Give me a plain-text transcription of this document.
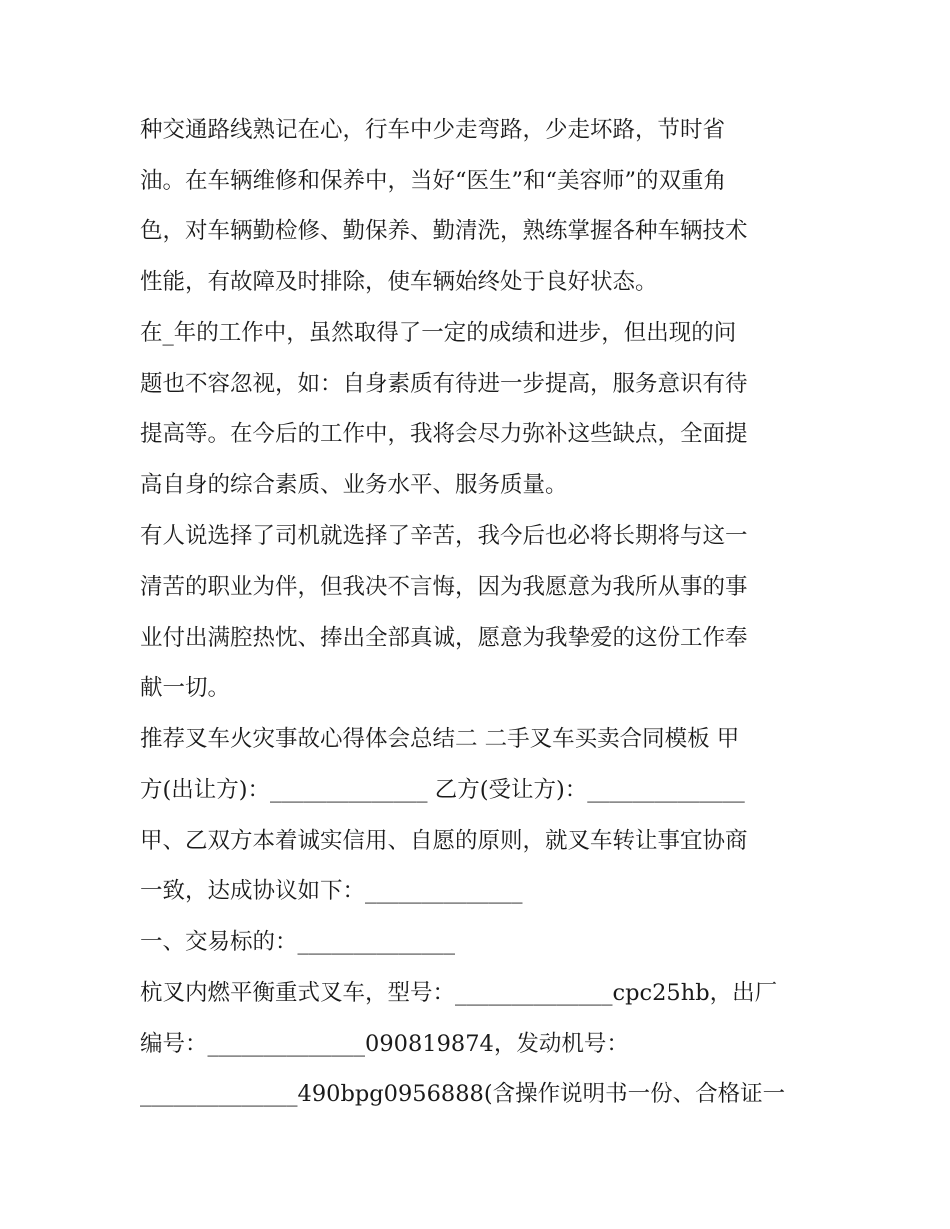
种交通路线熟记在心，行车中少走弯路，少走坏路，节时省
油。在车辆维修和保养中，当好“医生”和“美容师”的双重角
色，对车辆勤检修、勤保养、勤清洗，熟练掌握各种车辆技术
性能，有故障及时排除，使车辆始终处于良好状态。
在_年的工作中，虽然取得了一定的成绩和进步，但出现的问
题也不容忽视，如：自身素质有待进一步提高，服务意识有待
提高等。在今后的工作中，我将会尽力弥补这些缺点，全面提
高自身的综合素质、业务水平、服务质量。
有人说选择了司机就选择了辛苦，我今后也必将长期将与这一
清苦的职业为伴，但我决不言悔，因为我愿意为我所从事的事
业付出满腔热忱、捧出全部真诚，愿意为我挚爱的这份工作奉
献一切。
推荐叉车火灾事故心得体会总结二 二手叉车买卖合同模板 甲
方(出让方)：______________ 乙方(受让方)：______________
甲、乙双方本着诚实信用、自愿的原则，就叉车转让事宜协商
一致，达成协议如下：______________
一、交易标的：______________
杭叉内燃平衡重式叉车，型号：______________cpc25hb，出厂
编号：______________090819874，发动机号：
______________490bpg0956888(含操作说明书一份、合格证一
